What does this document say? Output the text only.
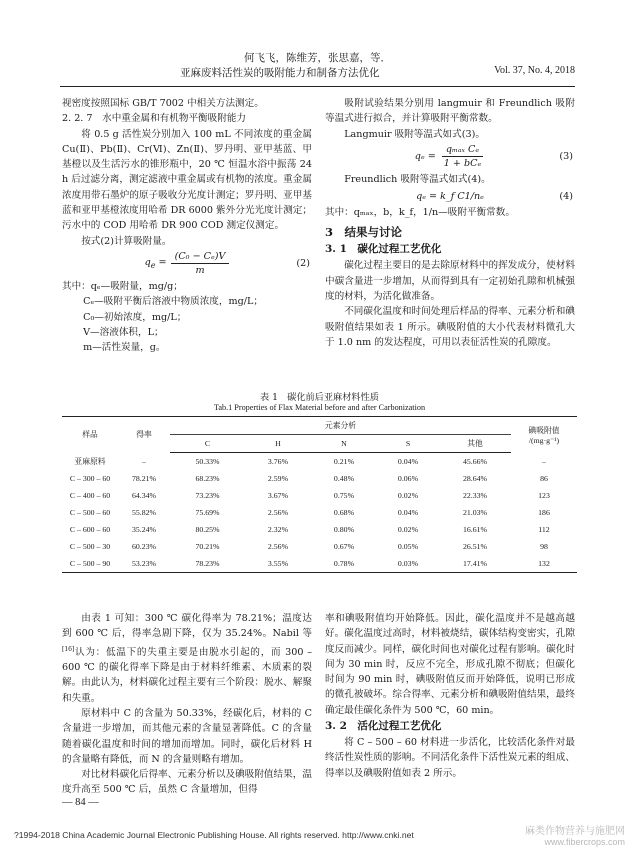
何飞飞，陈维芳，张思嘉，等．
亚麻废料活性炭的吸附能力和制备方法优化	Vol. 37, No. 4, 2018

视密度按照国标 GB/T 7002 中相关方法测定。

2. 2. 7　水中重金属和有机物平衡吸附能力

将 0.5 g 活性炭分别加入 100 mL 不同浓度的重金属 Cu(Ⅱ)、Pb(Ⅱ)、Cr(Ⅵ)、Zn(Ⅱ)、罗丹明、亚甲基蓝、甲基橙以及生活污水的锥形瓶中，20 ℃ 恒温水浴中振荡 24 h 后过滤分离，测定滤液中重金属或有机物的浓度。重金属浓度用带石墨炉的原子吸收分光度计测定；罗丹明、亚甲基蓝和亚甲基橙浓度用哈希 DR 6000 紫外分光光度计测定；污水中的 COD 用哈希 DR 900 COD 测定仪测定。

按式(2)计算吸附量。

$q_e = \frac{\text{(C₀ − Cₑ)V}}{m}$	(2)

其中：qₑ—吸附量，mg/g；

Cₑ—吸附平衡后溶液中物质浓度，mg/L；

C₀—初始浓度，mg/L；

V—溶液体积，L；

m—活性炭量，g。

吸附试验结果分别用 langmuir 和 Freundlich 吸附等温式进行拟合，并计算吸附平衡常数。

Langmuir 吸附等温式如式(3)。

$q_e = \frac{\text{qₘₐₓ Cₑ}}{\text{1 + bCₑ}}$	(3)

Freundlich 吸附等温式如式(4)。

qₑ = k_f C1/nₑ	(4)

其中：qₘₐₓ，b，k_f，1/n—吸附平衡常数。

3　结果与讨论

3. 1　碳化过程工艺优化

碳化过程主要目的是去除原材料中的挥发成分，使材料中碳含量进一步增加，从而得到具有一定初始孔隙和机械强度的材料，为活化做准备。

不同碳化温度和时间处理后样品的得率、元素分析和碘吸附值结果如表 1 所示。碘吸附值的大小代表材料微孔大于 1.0 nm 的发达程度，可用以表征活性炭的孔隙度。

表 1　碳化前后亚麻材料性质
Tab.1 Properties of Flax Material before and after Carbonization
样品	得率	元素分析					碘吸附值
/(mg·g⁻¹)
		C	H	N	S	其他	
亚麻原料	–	50.33%	3.76%	0.21%	0.04%	45.66%	–
C – 300 – 60	78.21%	68.23%	2.59%	0.48%	0.06%	28.64%	86
C – 400 – 60	64.34%	73.23%	3.67%	0.75%	0.02%	22.33%	123
C – 500 – 60	55.82%	75.69%	2.56%	0.68%	0.04%	21.03%	186
C – 600 – 60	35.24%	80.25%	2.32%	0.80%	0.02%	16.61%	112
C – 500 – 30	60.23%	70.21%	2.56%	0.67%	0.05%	26.51%	98
C – 500 – 90	53.23%	78.23%	3.55%	0.78%	0.03%	17.41%	132

由表 1 可知：300 ℃ 碳化得率为 78.21%；温度达到 600 ℃ 后，得率急剧下降，仅为 35.24%。Nabil 等[16]认为：低温下的失重主要是由脱水引起的，而 300 – 600 ℃ 的碳化得率下降是由于材料纤维素、木质素的裂解。由此认为，材料碳化过程主要有三个阶段：脱水、解聚和失重。

原材料中 C 的含量为 50.33%，经碳化后，材料的 C 含量进一步增加，而其他元素的含量显著降低。C 的含量随着碳化温度和时间的增加而增加。同时，碳化后材料 H 的含量略有降低，而 N 的含量则略有增加。

对比材料碳化后得率、元素分析以及碘吸附值结果，温度升高至 500 ℃ 后，虽然 C 含量增加，但得

率和碘吸附值均开始降低。因此，碳化温度并不是越高越好。碳化温度过高时，材料被烧结，碳体结构变密实，孔隙度反而减少。同样，碳化时间也对碳化过程有影响。碳化时间为 30 min 时，反应不完全，形成孔隙不彻底；但碳化时间为 90 min 时，碘吸附值反而开始降低，说明已形成的微孔被破坏。综合得率、元素分析和碘吸附值结果，最终确定最佳碳化条件为 500 ℃，60 min。

3. 2　活化过程工艺优化

将 C – 500 – 60 材料进一步活化，比较活化条件对最终活性炭性质的影响。不同活化条件下活性炭元素的组成、得率以及碘吸附值如表 2 所示。

— 84 —
?1994-2018 China Academic Journal Electronic Publishing House. All rights reserved. http://www.cnki.net	麻类作物营养与施肥网
www.fibercrops.com
